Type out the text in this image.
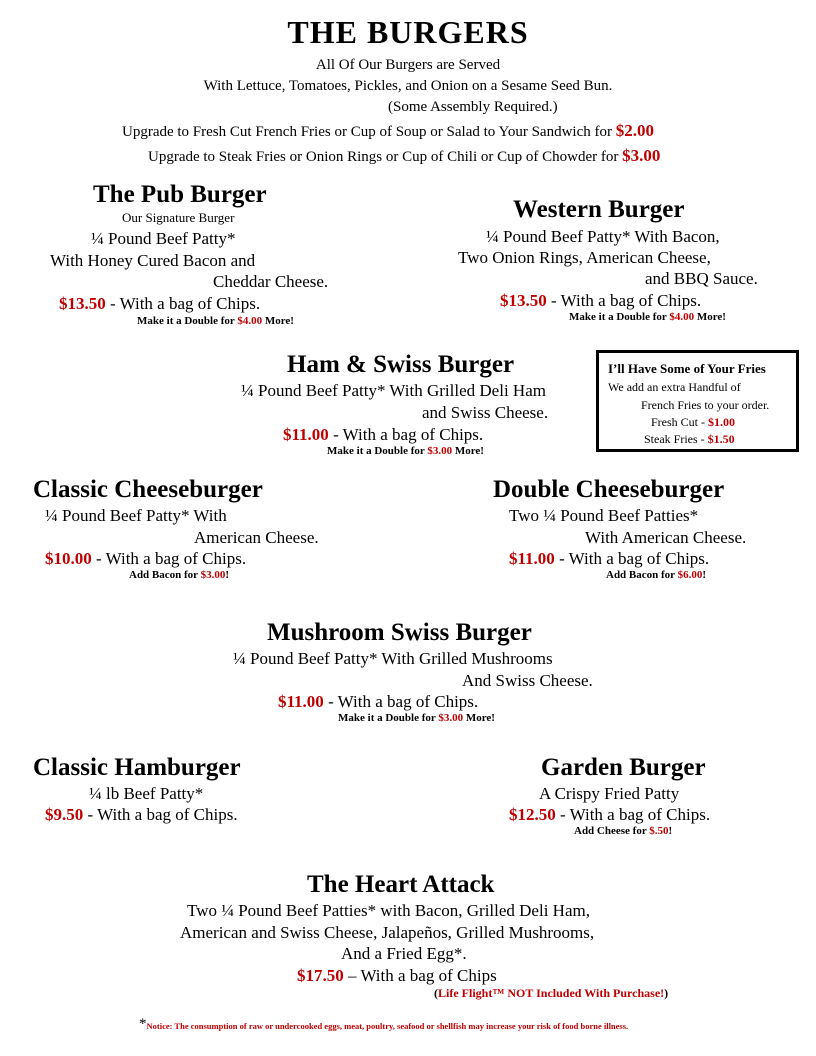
THE BURGERS
All Of Our Burgers are Served
With Lettuce, Tomatoes, Pickles, and Onion on a Sesame Seed Bun.
(Some Assembly Required.)
Upgrade to Fresh Cut French Fries or Cup of Soup or Salad to Your Sandwich for $2.00
Upgrade to Steak Fries or Onion Rings or Cup of Chili or Cup of Chowder for $3.00
The Pub Burger
Our Signature Burger
¼ Pound Beef Patty*
With Honey Cured Bacon and
Cheddar Cheese.
$13.50 - With a bag of Chips.
Make it a Double for $4.00 More!
Western Burger
¼ Pound Beef Patty* With Bacon,
Two Onion Rings, American Cheese,
and BBQ Sauce.
$13.50 - With a bag of Chips.
Make it a Double for $4.00 More!
Ham & Swiss Burger
¼ Pound Beef Patty* With Grilled Deli Ham
and Swiss Cheese.
$11.00 - With a bag of Chips.
Make it a Double for $3.00 More!
I’ll Have Some of Your Fries
We add an extra Handful of
French Fries to your order.
Fresh Cut - $1.00
Steak Fries - $1.50
Classic Cheeseburger
¼ Pound Beef Patty* With
American Cheese.
$10.00 - With a bag of Chips.
Add Bacon for $3.00!
Double Cheeseburger
Two ¼ Pound Beef Patties*
With American Cheese.
$11.00 - With a bag of Chips.
Add Bacon for $6.00!
Mushroom Swiss Burger
¼ Pound Beef Patty* With Grilled Mushrooms
And Swiss Cheese.
$11.00 - With a bag of Chips.
Make it a Double for $3.00 More!
Classic Hamburger
¼ lb Beef Patty*
$9.50 - With a bag of Chips.
Garden Burger
A Crispy Fried Patty
$12.50 - With a bag of Chips.
Add Cheese for $.50!
The Heart Attack
Two ¼ Pound Beef Patties* with Bacon, Grilled Deli Ham,
American and Swiss Cheese, Jalapeños, Grilled Mushrooms,
And a Fried Egg*.
$17.50 – With a bag of Chips
(Life Flight™ NOT Included With Purchase!)
*Notice: The consumption of raw or undercooked eggs, meat, poultry, seafood or shellfish may increase your risk of food borne illness.
